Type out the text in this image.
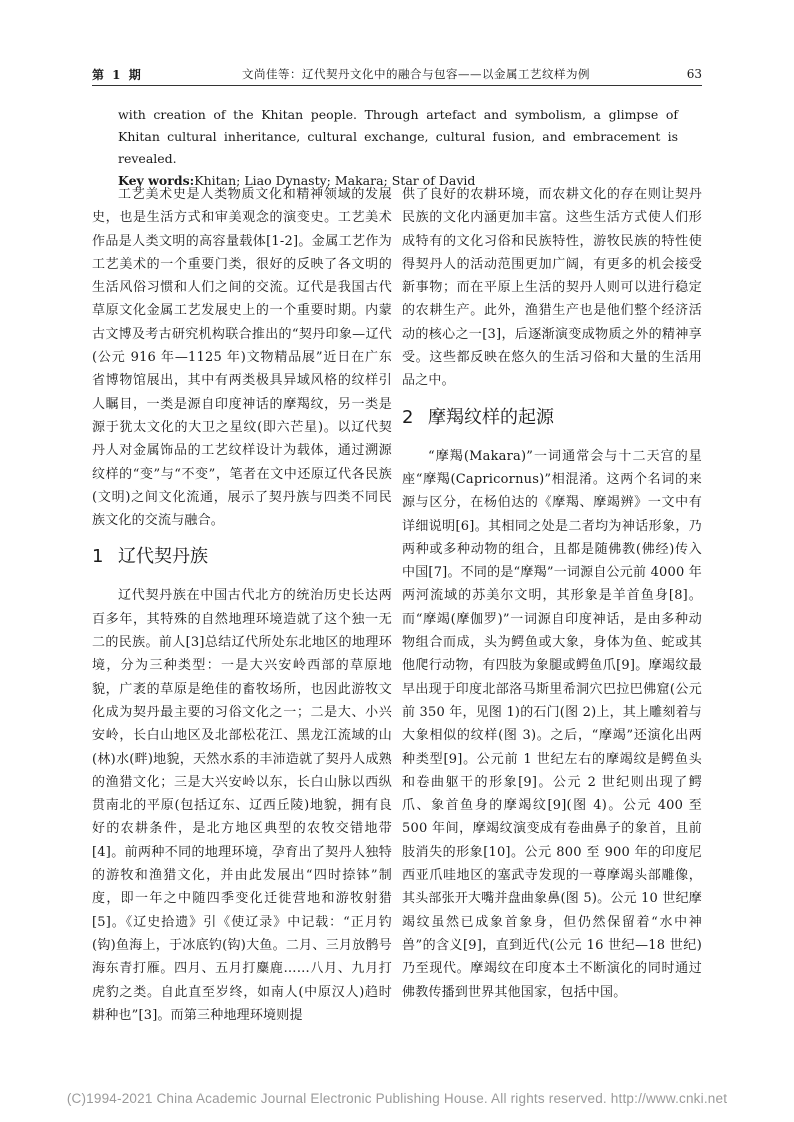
第 1 期	文尚佳等：辽代契丹文化中的融合与包容——以金属工艺纹样为例	63

with creation of the Khitan people. Through artefact and symbolism, a glimpse of Khitan cultural inheritance, cultural exchange, cultural fusion, and embracement is revealed.

Key words:Khitan; Liao Dynasty; Makara; Star of David

工艺美术史是人类物质文化和精神领域的发展史，也是生活方式和审美观念的演变史。工艺美术作品是人类文明的高容量载体[1-2]。金属工艺作为工艺美术的一个重要门类，很好的反映了各文明的生活风俗习惯和人们之间的交流。辽代是我国古代草原文化金属工艺发展史上的一个重要时期。内蒙古文博及考古研究机构联合推出的“契丹印象—辽代(公元 916 年—1125 年)文物精品展”近日在广东省博物馆展出，其中有两类极具异域风格的纹样引人瞩目，一类是源自印度神话的摩羯纹，另一类是源于犹太文化的大卫之星纹(即六芒星)。以辽代契丹人对金属饰品的工艺纹样设计为载体，通过溯源纹样的“变”与“不变”，笔者在文中还原辽代各民族(文明)之间文化流通，展示了契丹族与四类不同民族文化的交流与融合。

1 辽代契丹族

辽代契丹族在中国古代北方的统治历史长达两百多年，其特殊的自然地理环境造就了这个独一无二的民族。前人[3]总结辽代所处东北地区的地理环境，分为三种类型：一是大兴安岭西部的草原地貌，广袤的草原是绝佳的畜牧场所，也因此游牧文化成为契丹最主要的习俗文化之一；二是大、小兴安岭，长白山地区及北部松花江、黑龙江流域的山(林)水(畔)地貌，天然水系的丰沛造就了契丹人成熟的渔猎文化；三是大兴安岭以东，长白山脉以西纵贯南北的平原(包括辽东、辽西丘陵)地貌，拥有良好的农耕条件，是北方地区典型的农牧交错地带[4]。前两种不同的地理环境，孕育出了契丹人独特的游牧和渔猎文化，并由此发展出“四时捺钵”制度，即一年之中随四季变化迁徙营地和游牧射猎[5]。《辽史拾遗》引《使辽录》中记载：“正月钓(钩)鱼海上，于冰底钓(钩)大鱼。二月、三月放鹘号海东青打雁。四月、五月打麋鹿……八月、九月打虎豹之类。自此直至岁终，如南人(中原汉人)趋时耕种也”[3]。而第三种地理环境则提

供了良好的农耕环境，而农耕文化的存在则让契丹民族的文化内涵更加丰富。这些生活方式使人们形成特有的文化习俗和民族特性，游牧民族的特性使得契丹人的活动范围更加广阔，有更多的机会接受新事物；而在平原上生活的契丹人则可以进行稳定的农耕生产。此外，渔猎生产也是他们整个经济活动的核心之一[3]，后逐渐演变成物质之外的精神享受。这些都反映在悠久的生活习俗和大量的生活用品之中。

2 摩羯纹样的起源

“摩羯(Makara)”一词通常会与十二天宫的星座“摩羯(Capricornus)”相混淆。这两个名词的来源与区分，在杨伯达的《摩羯、摩竭辨》一文中有详细说明[6]。其相同之处是二者均为神话形象，乃两种或多种动物的组合，且都是随佛教(佛经)传入中国[7]。不同的是“摩羯”一词源自公元前 4000 年两河流域的苏美尔文明，其形象是羊首鱼身[8]。而“摩竭(摩伽罗)”一词源自印度神话，是由多种动物组合而成，头为鳄鱼或大象，身体为鱼、蛇或其他爬行动物，有四肢为象腿或鳄鱼爪[9]。摩竭纹最早出现于印度北部洛马斯里希洞穴巴拉巴佛窟(公元前 350 年，见图 1)的石门(图 2)上，其上雕刻着与大象相似的纹样(图 3)。之后，“摩竭”还演化出两种类型[9]。公元前 1 世纪左右的摩竭纹是鳄鱼头和卷曲躯干的形象[9]。公元 2 世纪则出现了鳄爪、象首鱼身的摩竭纹[9](图 4)。公元 400 至 500 年间，摩竭纹演变成有卷曲鼻子的象首，且前肢消失的形象[10]。公元 800 至 900 年的印度尼西亚爪哇地区的塞武寺发现的一尊摩竭头部雕像，其头部张开大嘴并盘曲象鼻(图 5)。公元 10 世纪摩竭纹虽然已成象首象身，但仍然保留着“水中神兽”的含义[9]，直到近代(公元 16 世纪—18 世纪)乃至现代。摩竭纹在印度本土不断演化的同时通过佛教传播到世界其他国家，包括中国。

(C)1994-2021 China Academic Journal Electronic Publishing House. All rights reserved. http://www.cnki.net
